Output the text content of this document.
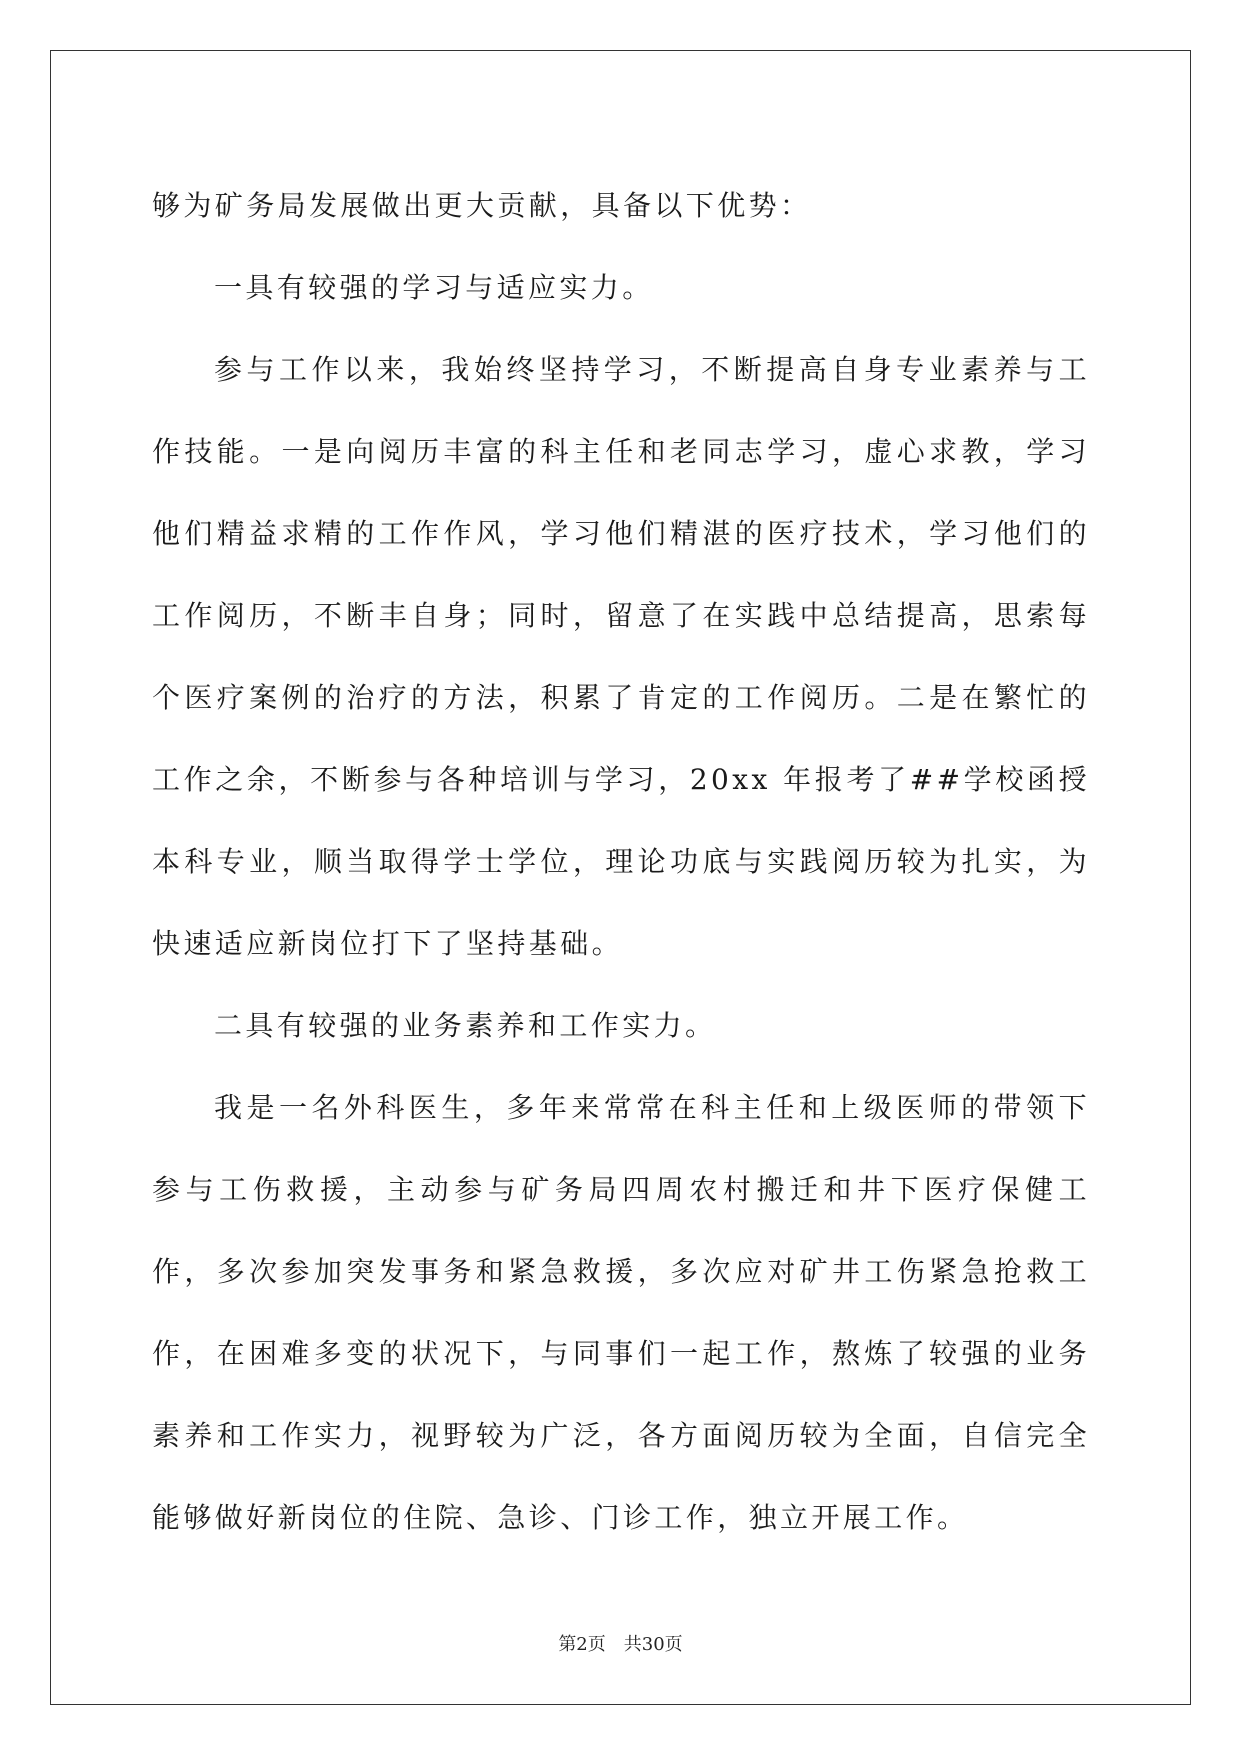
够为矿务局发展做出更大贡献，具备以下优势：

一具有较强的学习与适应实力。

参与工作以来，我始终坚持学习，不断提高自身专业素养与工作技能。一是向阅历丰富的科主任和老同志学习，虚心求教，学习他们精益求精的工作作风，学习他们精湛的医疗技术，学习他们的工作阅历，不断丰自身；同时，留意了在实践中总结提高，思索每个医疗案例的治疗的方法，积累了肯定的工作阅历。二是在繁忙的工作之余，不断参与各种培训与学习，20xx 年报考了##学校函授本科专业，顺当取得学士学位，理论功底与实践阅历较为扎实，为快速适应新岗位打下了坚持基础。

二具有较强的业务素养和工作实力。

我是一名外科医生，多年来常常在科主任和上级医师的带领下参与工伤救援，主动参与矿务局四周农村搬迁和井下医疗保健工作，多次参加突发事务和紧急救援，多次应对矿井工伤紧急抢救工作，在困难多变的状况下，与同事们一起工作，熬炼了较强的业务素养和工作实力，视野较为广泛，各方面阅历较为全面，自信完全能够做好新岗位的住院、急诊、门诊工作，独立开展工作。

第2页　共30页
